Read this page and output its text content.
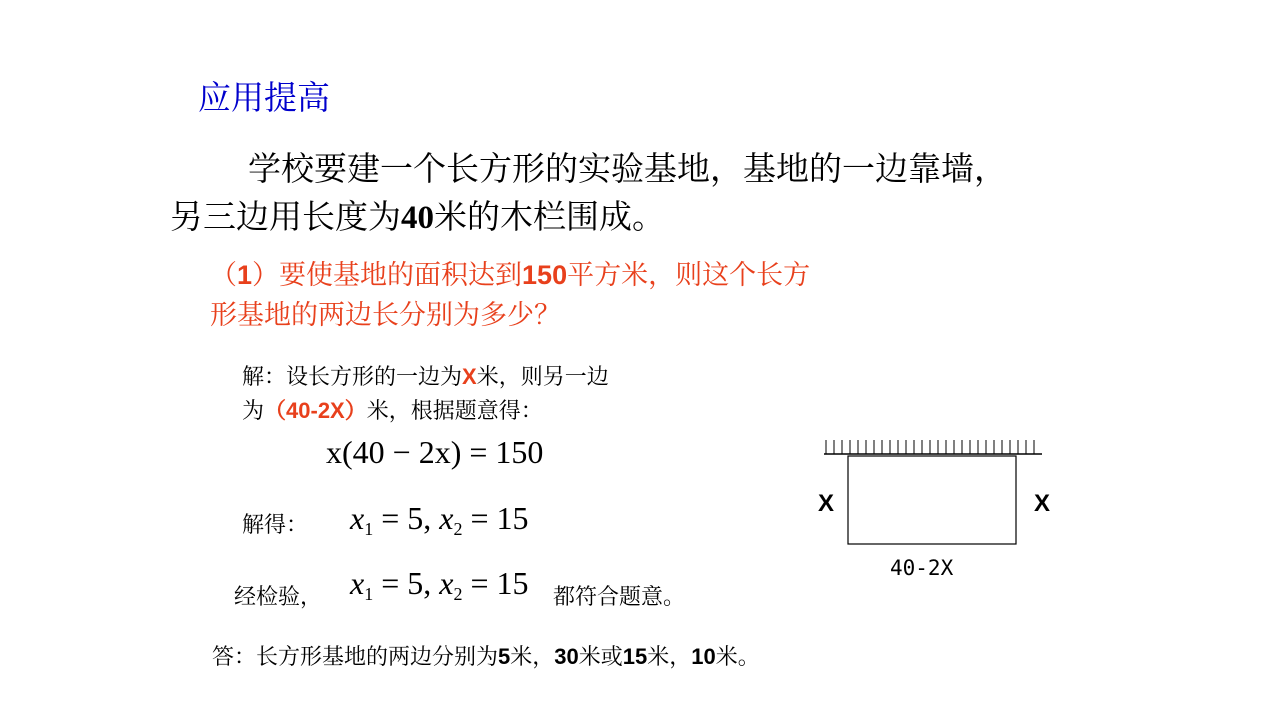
应用提高
学校要建一个长方形的实验基地，基地的一边靠墙，
另三边用长度为40米的木栏围成。
（1）要使基地的面积达到150平方米，则这个长方
形基地的两边长分别为多少？
解：设长方形的一边为X米，则另一边
为（40-2X）米，根据题意得：
x(40 − 2x) = 150
解得： $x_1 = 5$, $x_2 = 15$
经检验， $x_1 = 5$, $x_2 = 15$ 都符合题意。
答：长方形基地的两边分别为5米，30米或15米，10米。
X	X
40-2X
